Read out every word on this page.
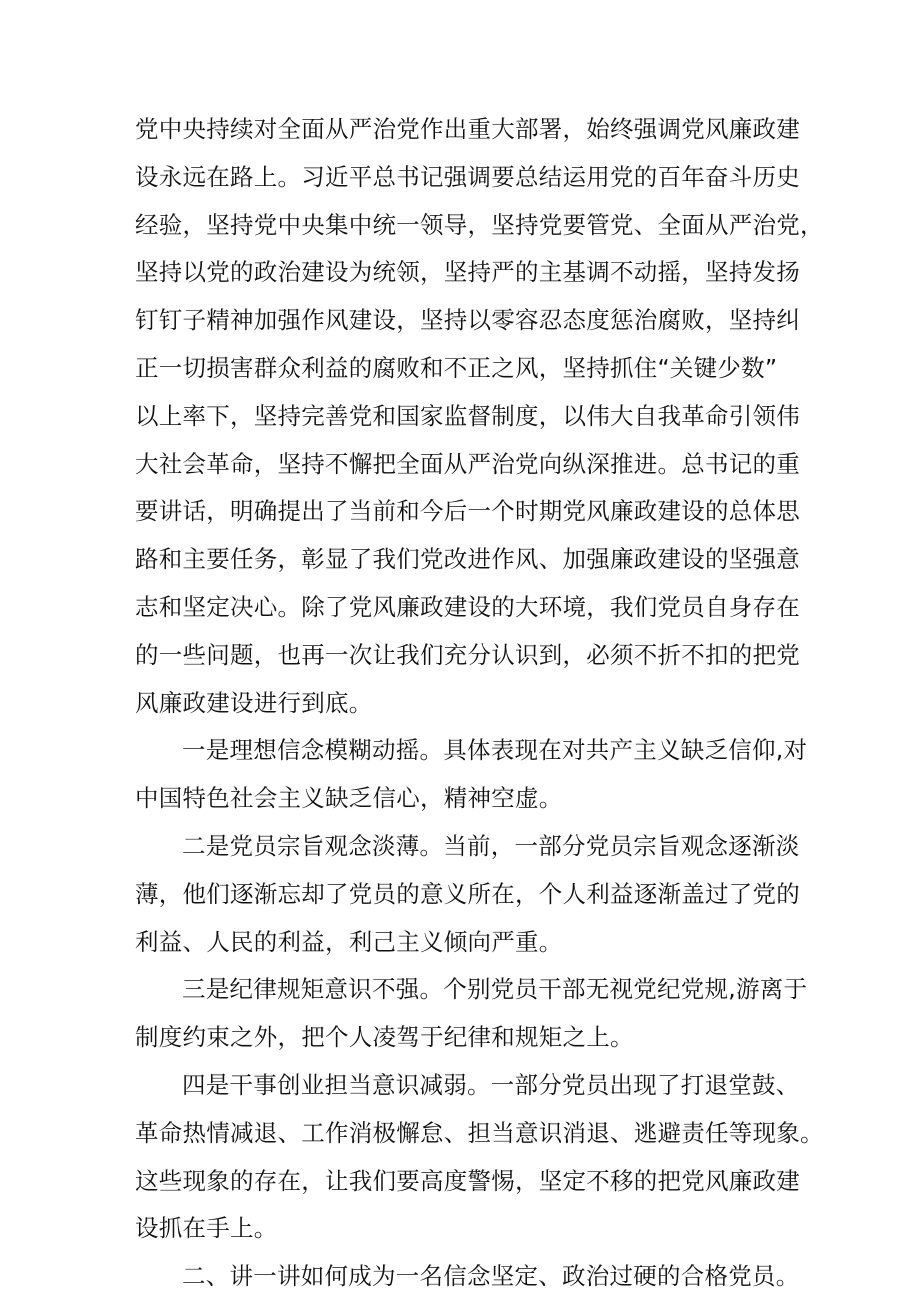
党中央持续对全面从严治党作出重大部署，始终强调党风廉政建
设永远在路上。习近平总书记强调要总结运用党的百年奋斗历史
经验，坚持党中央集中统一领导，坚持党要管党、全面从严治党，
坚持以党的政治建设为统领，坚持严的主基调不动摇，坚持发扬
钉钉子精神加强作风建设，坚持以零容忍态度惩治腐败，坚持纠
正一切损害群众利益的腐败和不正之风，坚持抓住“关键少数”
以上率下，坚持完善党和国家监督制度，以伟大自我革命引领伟
大社会革命，坚持不懈把全面从严治党向纵深推进。总书记的重
要讲话，明确提出了当前和今后一个时期党风廉政建设的总体思
路和主要任务，彰显了我们党改进作风、加强廉政建设的坚强意
志和坚定决心。除了党风廉政建设的大环境，我们党员自身存在
的一些问题，也再一次让我们充分认识到，必须不折不扣的把党
风廉政建设进行到底。
一是理想信念模糊动摇。具体表现在对共产主义缺乏信仰,对
中国特色社会主义缺乏信心，精神空虚。
二是党员宗旨观念淡薄。当前，一部分党员宗旨观念逐渐淡
薄，他们逐渐忘却了党员的意义所在，个人利益逐渐盖过了党的
利益、人民的利益，利己主义倾向严重。
三是纪律规矩意识不强。个别党员干部无视党纪党规,游离于
制度约束之外，把个人凌驾于纪律和规矩之上。
四是干事创业担当意识减弱。一部分党员出现了打退堂鼓、
革命热情减退、工作消极懈怠、担当意识消退、逃避责任等现象。
这些现象的存在，让我们要高度警惕，坚定不移的把党风廉政建
设抓在手上。
二、讲一讲如何成为一名信念坚定、政治过硬的合格党员。
